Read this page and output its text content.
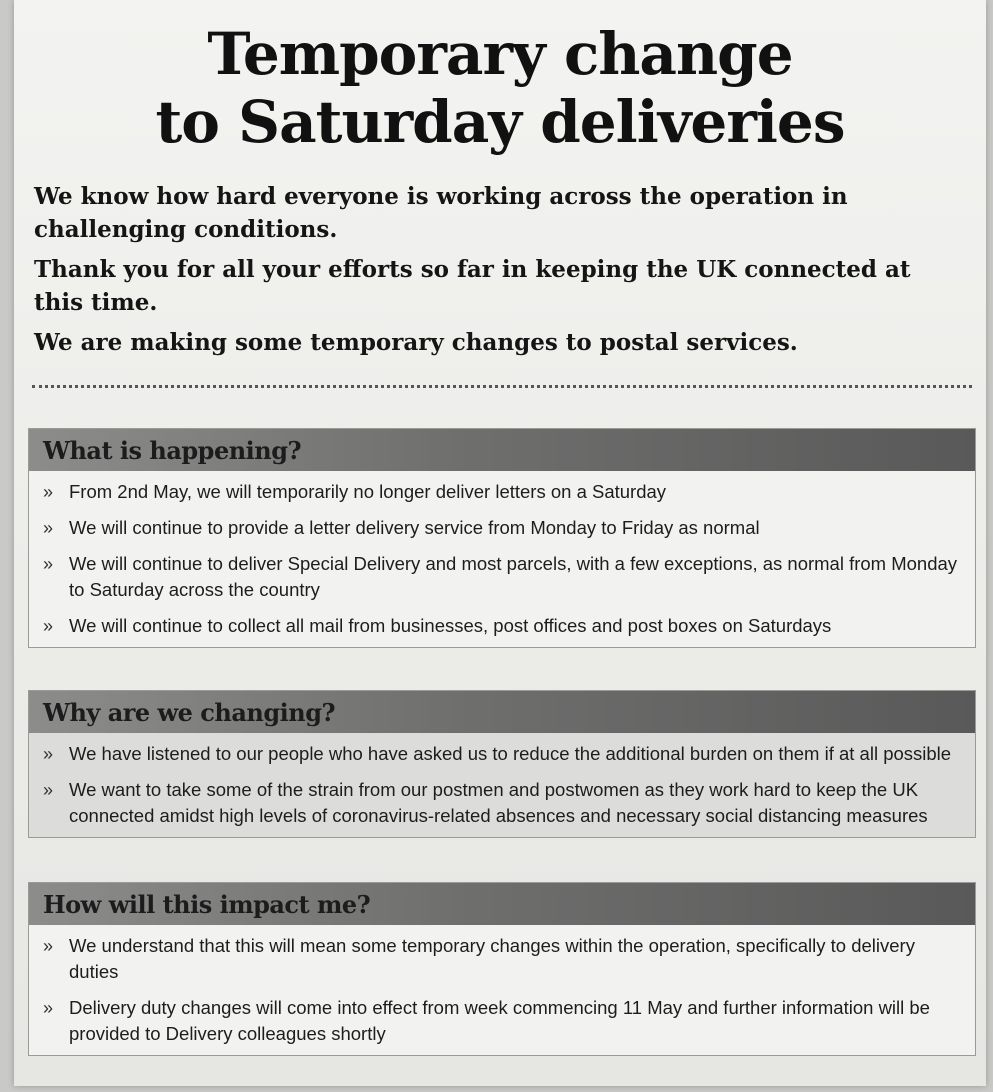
Temporary change
to Saturday deliveries

We know how hard everyone is working across the operation in challenging conditions.

Thank you for all your efforts so far in keeping the UK connected at this time.

We are making some temporary changes to postal services.

What is happening?
» From 2nd May, we will temporarily no longer deliver letters on a Saturday
» We will continue to provide a letter delivery service from Monday to Friday as normal
» We will continue to deliver Special Delivery and most parcels, with a few exceptions, as normal from Monday to Saturday across the country
» We will continue to collect all mail from businesses, post offices and post boxes on Saturdays
Why are we changing?
» We have listened to our people who have asked us to reduce the additional burden on them if at all possible
» We want to take some of the strain from our postmen and postwomen as they work hard to keep the UK connected amidst high levels of coronavirus-related absences and necessary social distancing measures
How will this impact me?
» We understand that this will mean some temporary changes within the operation, specifically to delivery duties
» Delivery duty changes will come into effect from week commencing 11 May and further information will be provided to Delivery colleagues shortly
